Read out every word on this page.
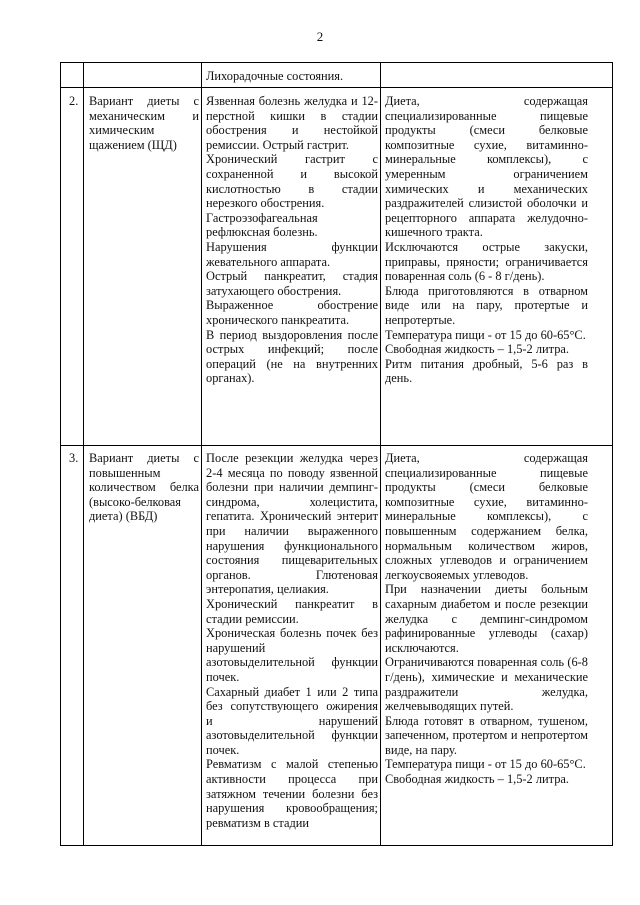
2

Лихорадочные состояния.

2. Вариант диеты с механическим и химическим щажением (ЩД)

Язвенная болезнь желудка и 12-перстной кишки в стадии обострения и нестойкой ремиссии. Острый гастрит.

Хронический гастрит с сохраненной и высокой кислотностью в стадии нерезкого обострения.

Гастроэзофагеальная рефлюксная болезнь.

Нарушения функции жевательного аппарата.

Острый панкреатит, стадия затухающего обострения.

Выраженное обострение хронического панкреатита.

В период выздоровления после острых инфекций; после операций (не на внутренних органах).

Диета, содержащая специализированные пищевые продукты (смеси белковые композитные сухие, витаминно-минеральные комплексы), с умеренным ограничением химических и механических раздражителей слизистой оболочки и рецепторного аппарата желудочно-кишечного тракта.

Исключаются острые закуски, приправы, пряности; ограничивается поваренная соль (6 - 8 г/день).

Блюда приготовляются в отварном виде или на пару, протертые и непротертые.

Температура пищи - от 15 до 60-65°С.

Свободная жидкость – 1,5-2 литра.

Ритм питания дробный, 5-6 раз в день.

3. Вариант диеты с повышенным количеством белка (высоко-белковая диета) (ВБД)

После резекции желудка через 2-4 месяца по поводу язвенной болезни при наличии демпинг-синдрома, холецистита, гепатита. Хронический энтерит при наличии выраженного нарушения функционального состояния пищеварительных органов. Глютеновая энтеропатия, целиакия.

Хронический панкреатит в стадии ремиссии.

Хроническая болезнь почек без нарушений

азотовыделительной функции почек.

Сахарный диабет 1 или 2 типа без сопутствующего ожирения и нарушений азотовыделительной функции почек.

Ревматизм с малой степенью активности процесса при затяжном течении болезни без нарушения кровообращения; ревматизм в стадии

Диета, содержащая специализированные пищевые продукты (смеси белковые композитные сухие, витаминно-минеральные комплексы), с повышенным содержанием белка, нормальным количеством жиров, сложных углеводов и ограничением легкоусвояемых углеводов.

При назначении диеты больным сахарным диабетом и после резекции желудка с демпинг-синдромом рафинированные углеводы (сахар) исключаются.

Ограничиваются поваренная соль (6-8 г/день), химические и механические раздражители желудка, желчевыводящих путей.

Блюда готовят в отварном, тушеном, запеченном, протертом и непротертом виде, на пару.

Температура пищи - от 15 до 60-65°С.

Свободная жидкость – 1,5-2 литра.
